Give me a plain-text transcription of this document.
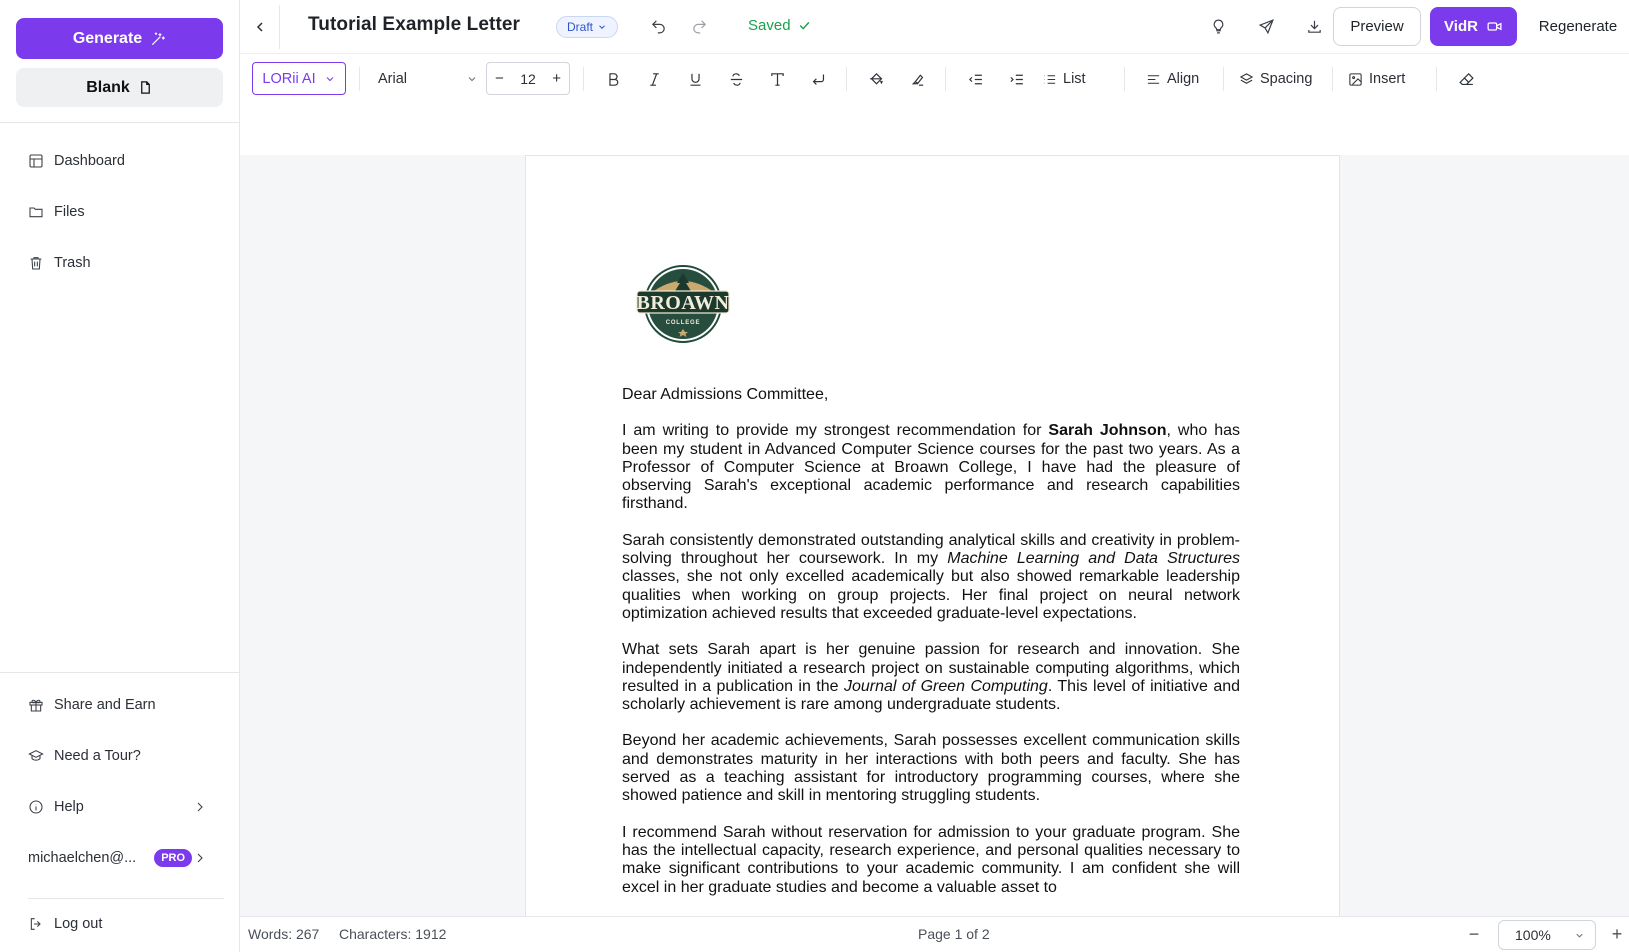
Generate
Blank
Dashboard
Files
Trash
Share and Earn
Need a Tour?
Help
michaelchen@...	PRO
Log out
Tutorial Example Letter	Draft	Saved	Preview	VidR	Regenerate
LORii AI	Arial	− 12 +	List	Align	Spacing	Insert
BROAWN
COLLEGE

Dear Admissions Committee,

I am writing to provide my strongest recommendation for Sarah Johnson, who has been my student in Advanced Computer Science courses for the past two years. As a Professor of Computer Science at Broawn College, I have had the pleasure of observing Sarah's exceptional academic performance and research capabilities firsthand.

Sarah consistently demonstrated outstanding analytical skills and creativity in problem-solving throughout her coursework. In my Machine Learning and Data Structures classes, she not only excelled academically but also showed remarkable leadership qualities when working on group projects. Her final project on neural network optimization achieved results that exceeded graduate-level expectations.

What sets Sarah apart is her genuine passion for research and innovation. She independently initiated a research project on sustainable computing algorithms, which resulted in a publication in the Journal of Green Computing. This level of initiative and scholarly achievement is rare among undergraduate students.

Beyond her academic achievements, Sarah possesses excellent communication skills and demonstrates maturity in her interactions with both peers and faculty. She has served as a teaching assistant for introductory programming courses, where she showed patience and skill in mentoring struggling students.

I recommend Sarah without reservation for admission to your graduate program. She has the intellectual capacity, research experience, and personal qualities necessary to make significant contributions to your academic community. I am confident she will excel in her graduate studies and become a valuable asset to

Words: 267 Characters: 1912	Page 1 of 2	−	100%	+
